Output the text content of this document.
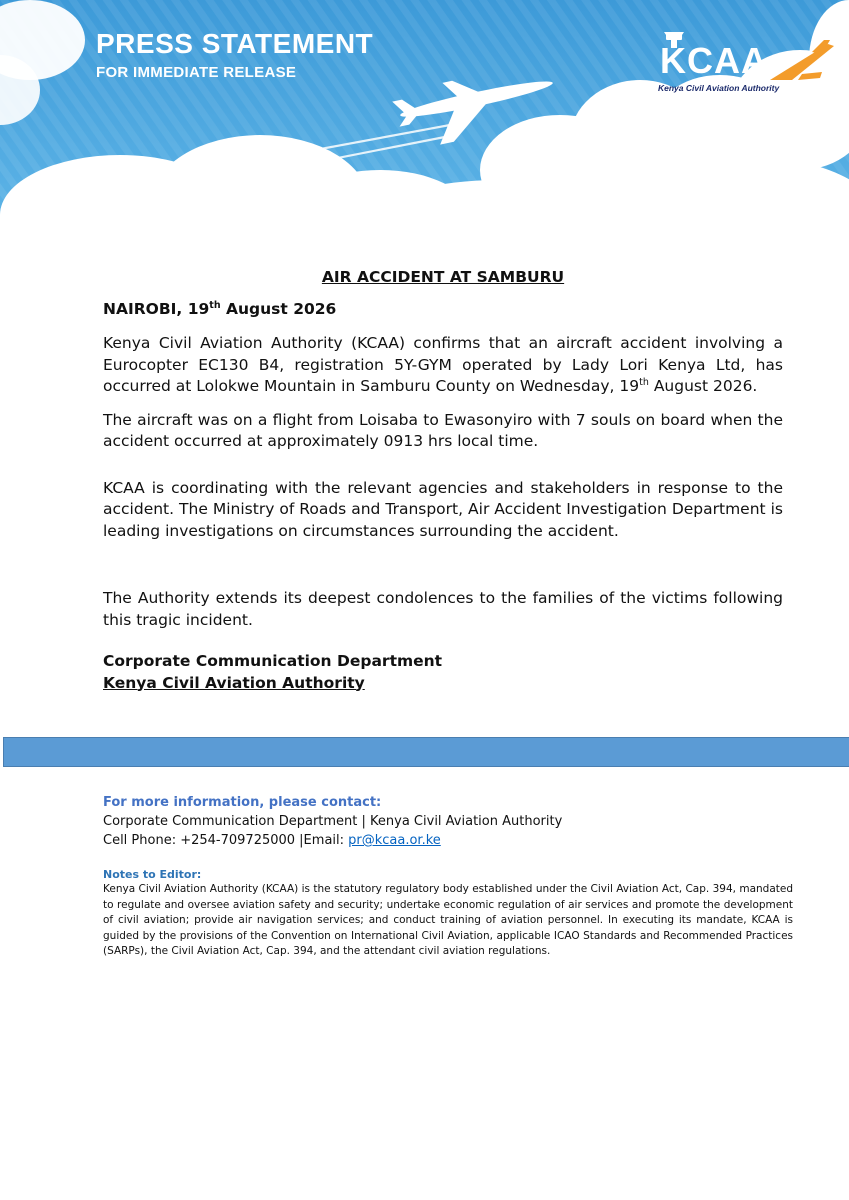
PRESS STATEMENT

FOR IMMEDIATE RELEASE	KCAA

Kenya Civil Aviation Authority

AIR ACCIDENT AT SAMBURU

NAIROBI, 19th August 2026

Kenya Civil Aviation Authority (KCAA) confirms that an aircraft accident involving a Eurocopter EC130 B4, registration 5Y-GYM operated by Lady Lori Kenya Ltd, has occurred at Lolokwe Mountain in Samburu County on Wednesday, 19th August 2026.

The aircraft was on a flight from Loisaba to Ewasonyiro with 7 souls on board when the accident occurred at approximately 0913 hrs local time.

KCAA is coordinating with the relevant agencies and stakeholders in response to the accident. The Ministry of Roads and Transport, Air Accident Investigation Department is leading investigations on circumstances surrounding the accident.

The Authority extends its deepest condolences to the families of the victims following this tragic incident.

Corporate Communication Department

Kenya Civil Aviation Authority

For more information, please contact:

Corporate Communication Department | Kenya Civil Aviation Authority

Cell Phone: +254-709725000 |Email: pr@kcaa.or.ke

Notes to Editor:

Kenya Civil Aviation Authority (KCAA) is the statutory regulatory body established under the Civil Aviation Act, Cap. 394, mandated to regulate and oversee aviation safety and security; undertake economic regulation of air services and promote the development of civil aviation; provide air navigation services; and conduct training of aviation personnel. In executing its mandate, KCAA is guided by the provisions of the Convention on International Civil Aviation, applicable ICAO Standards and Recommended Practices (SARPs), the Civil Aviation Act, Cap. 394, and the attendant civil aviation regulations.
